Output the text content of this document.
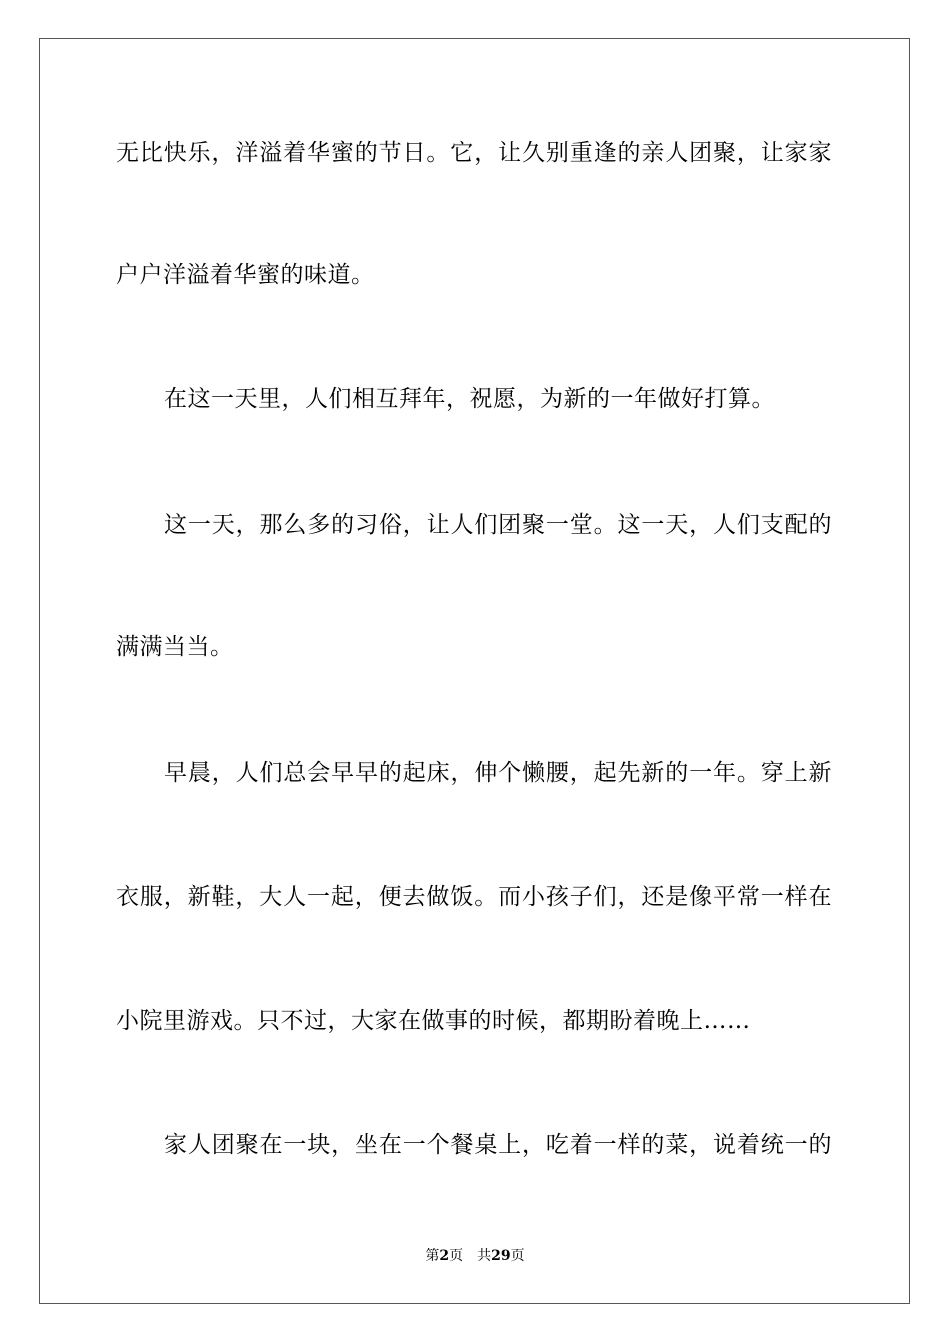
无比快乐，洋溢着华蜜的节日。它，让久别重逢的亲人团聚，让家家
户户洋溢着华蜜的味道。
在这一天里，人们相互拜年，祝愿，为新的一年做好打算。
这一天，那么多的习俗，让人们团聚一堂。这一天，人们支配的
满满当当。
早晨，人们总会早早的起床，伸个懒腰，起先新的一年。穿上新
衣服，新鞋，大人一起，便去做饭。而小孩子们，还是像平常一样在
小院里游戏。只不过，大家在做事的时候，都期盼着晚上……
家人团聚在一块，坐在一个餐桌上，吃着一样的菜，说着统一的
第2页 共29页
